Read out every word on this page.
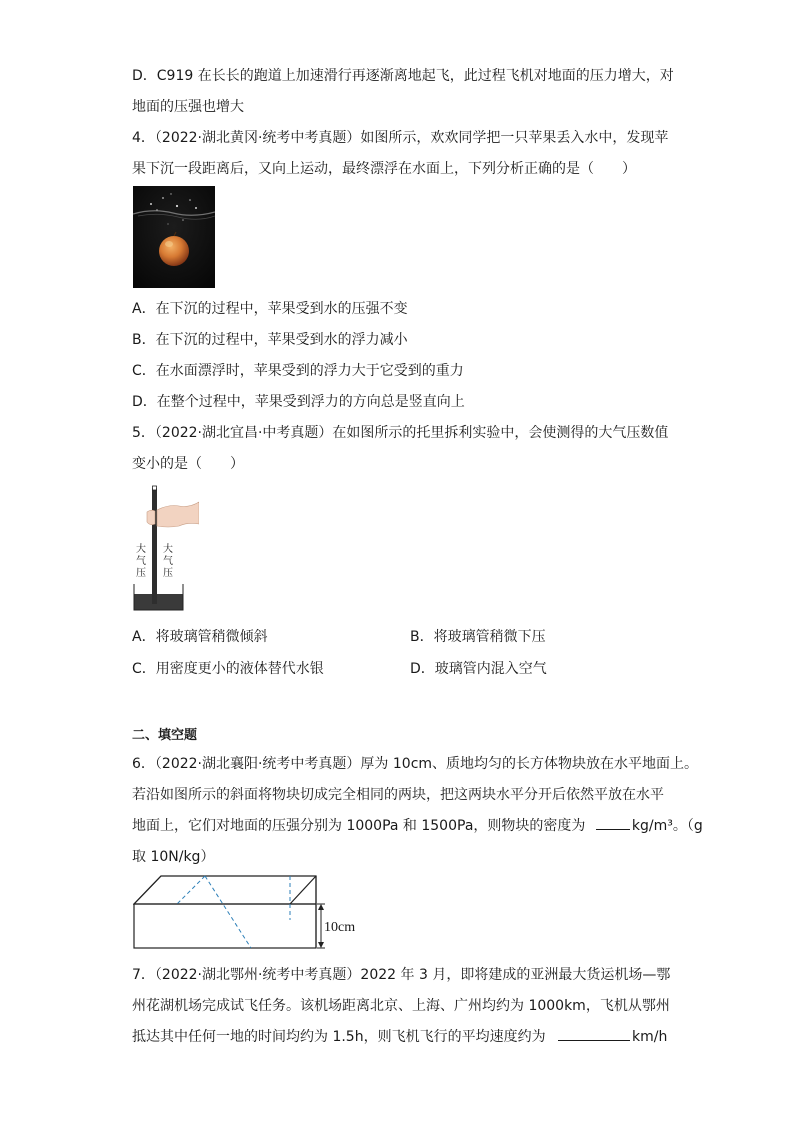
D．C919 在长长的跑道上加速滑行再逐渐离地起飞，此过程飞机对地面的压力增大，对
地面的压强也增大
4．（2022·湖北黄冈·统考中考真题）如图所示，欢欢同学把一只苹果丢入水中，发现苹
果下沉一段距离后，又向上运动，最终漂浮在水面上，下列分析正确的是（　　）
A．在下沉的过程中，苹果受到水的压强不变
B．在下沉的过程中，苹果受到水的浮力减小
C．在水面漂浮时，苹果受到的浮力大于它受到的重力
D．在整个过程中，苹果受到浮力的方向总是竖直向上
5．（2022·湖北宜昌·中考真题）在如图所示的托里拆利实验中，会使测得的大气压数值
变小的是（　　）
大气压
大气压
A．将玻璃管稍微倾斜	B．将玻璃管稍微下压
C．用密度更小的液体替代水银	D．玻璃管内混入空气
二、填空题
6．（2022·湖北襄阳·统考中考真题）厚为 10cm、质地均匀的长方体物块放在水平地面上。
若沿如图所示的斜面将物块切成完全相同的两块，把这两块水平分开后依然平放在水平
地面上，它们对地面的压强分别为 1000Pa 和 1500Pa，则物块的密度为	kg/m³。（g
取 10N/kg）
10cm
7．（2022·湖北鄂州·统考中考真题）2022 年 3 月，即将建成的亚洲最大货运机场—鄂
州花湖机场完成试飞任务。该机场距离北京、上海、广州均约为 1000km，飞机从鄂州
抵达其中任何一地的时间均约为 1.5h，则飞机飞行的平均速度约为	km/h
